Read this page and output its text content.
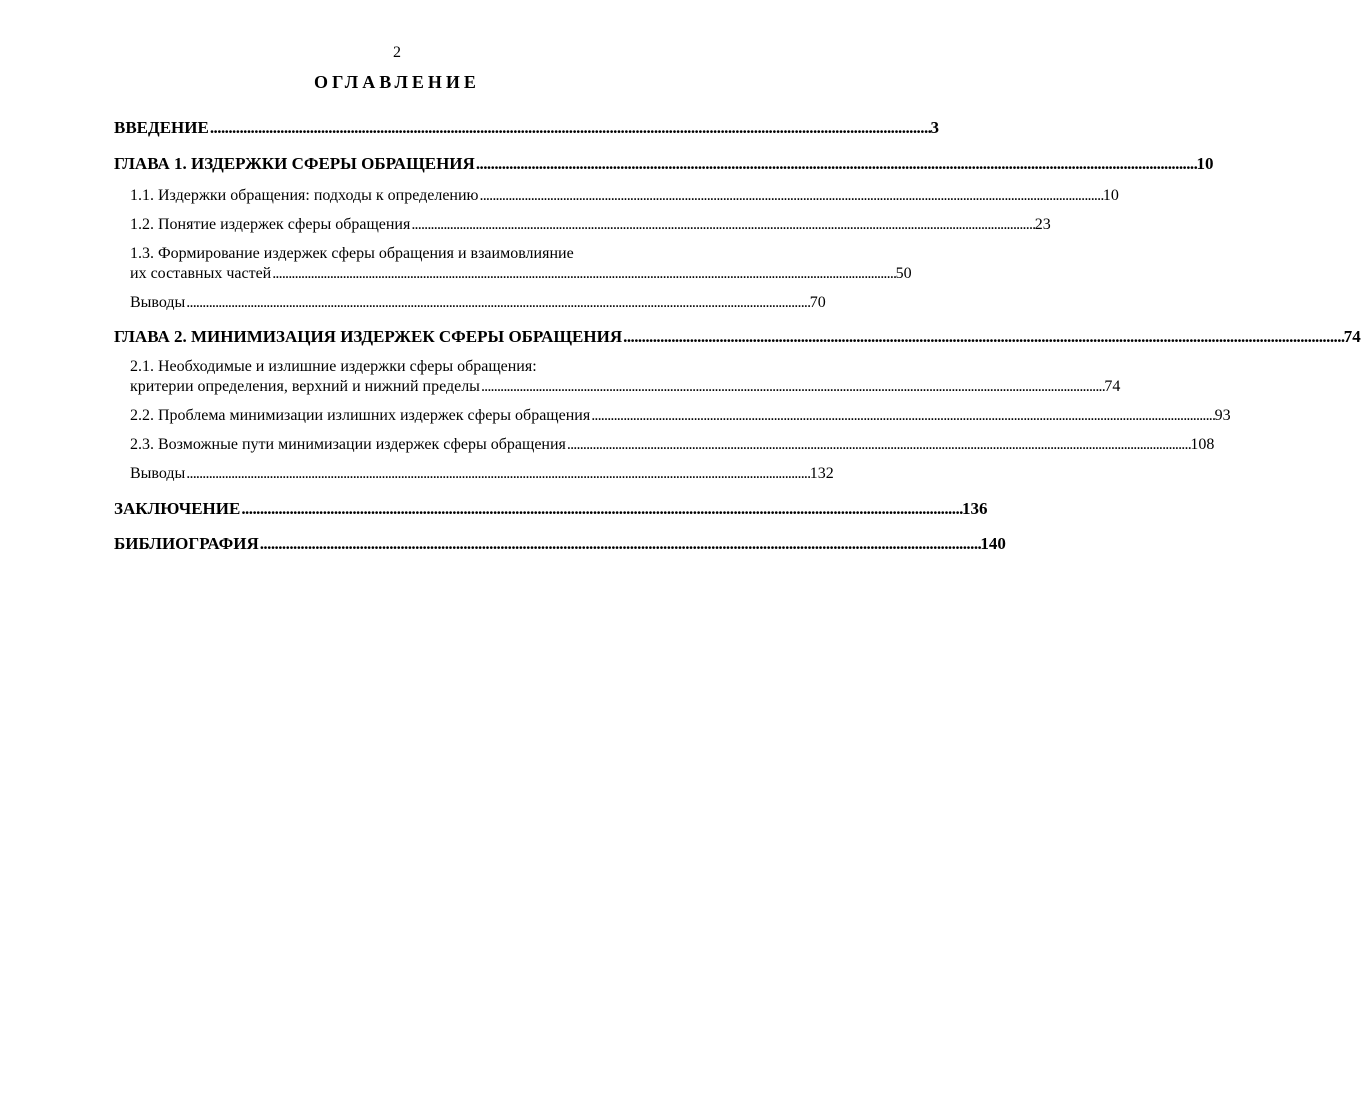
2
ОГЛАВЛЕНИЕ
ВВЕДЕНИЕ . . .	3
ГЛАВА 1. ИЗДЕРЖКИ СФЕРЫ ОБРАЩЕНИЯ . . .	10
1.1. Издержки обращения: подходы к определению . . .	10
1.2. Понятие издержек сферы обращения . . .	23
1.3. Формирование издержек сферы обращения и взаимовлияние
их составных частей . . .	50
Выводы . . .	70
ГЛАВА 2. МИНИМИЗАЦИЯ ИЗДЕРЖЕК СФЕРЫ ОБРАЩЕНИЯ . . .	74
2.1. Необходимые и излишние издержки сферы обращения:
критерии определения, верхний и нижний пределы . . .	74
2.2. Проблема минимизации излишних издержек сферы обращения . . .	93
2.3. Возможные пути минимизации издержек сферы обращения . . .	108
Выводы . . .	132
ЗАКЛЮЧЕНИЕ . . .	136
БИБЛИОГРАФИЯ . . .	140
